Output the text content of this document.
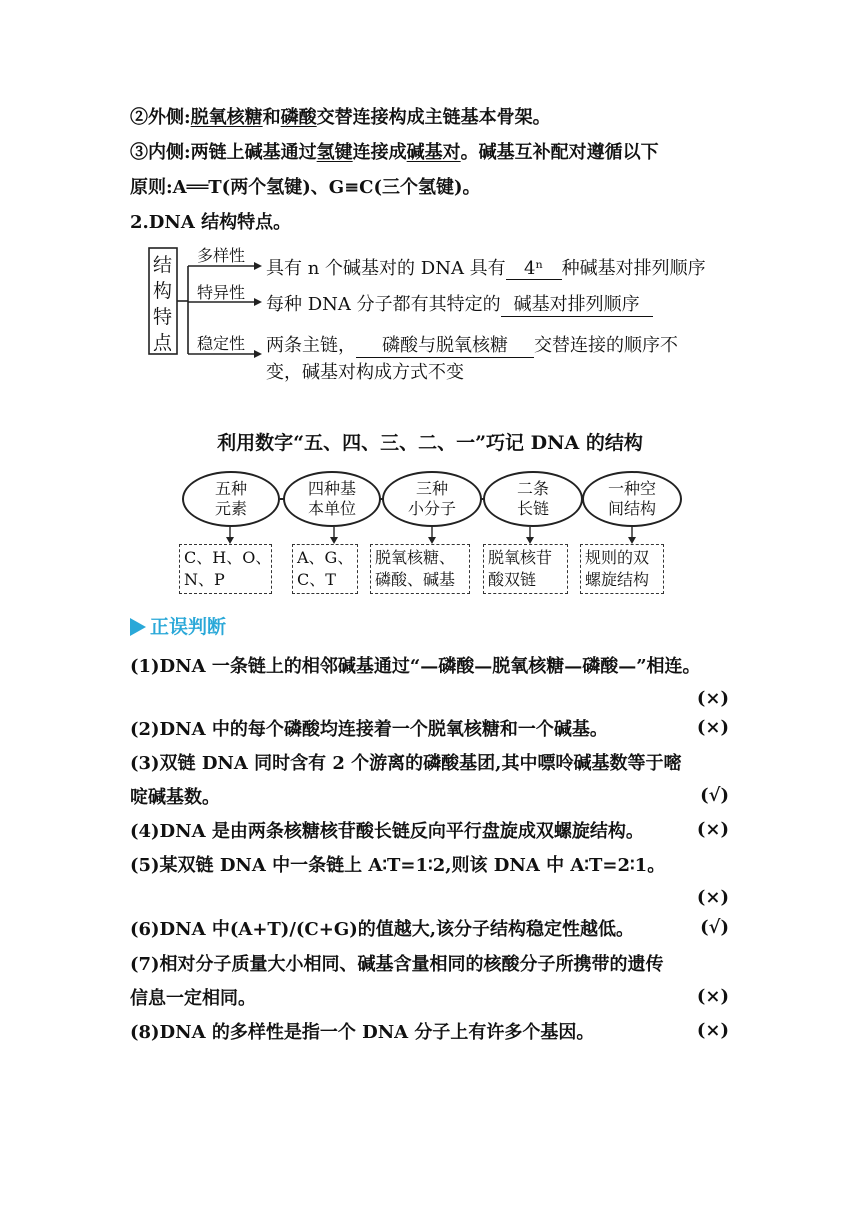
②外侧:脱氧核糖和磷酸交替连接构成主链基本骨架。
③内侧:两链上碱基通过氢键连接成碱基对。碱基互补配对遵循以下
原则:A══T(两个氢键)、G≡C(三个氢键)。
2.DNA 结构特点。
结
构
特
点
多样性
特异性
稳定性
具有 n 个碱基对的 DNA 具有 4ⁿ 种碱基对排列顺序
每种 DNA 分子都有其特定的 碱基对排列顺序
两条主链， 磷酸与脱氧核糖 交替连接的顺序不
变，碱基对构成方式不变
利用数字“五、四、三、二、一”巧记 DNA 的结构
五种
元素
四种基
本单位
三种
小分子
二条
长链
一种空
间结构
C、H、O、
N、P
A、G、
C、T
脱氧核糖、
磷酸、碱基
脱氧核苷
酸双链
规则的双
螺旋结构
正误判断
(1)DNA 一条链上的相邻碱基通过“—磷酸—脱氧核糖—磷酸—”相连。
(×)
(2)DNA 中的每个磷酸均连接着一个脱氧核糖和一个碱基。	(×)
(3)双链 DNA 同时含有 2 个游离的磷酸基团,其中嘌呤碱基数等于嘧
啶碱基数。	(√)
(4)DNA 是由两条核糖核苷酸长链反向平行盘旋成双螺旋结构。	(×)
(5)某双链 DNA 中一条链上 A∶T=1∶2,则该 DNA 中 A∶T=2∶1。
(×)
(6)DNA 中(A+T)/(C+G)的值越大,该分子结构稳定性越低。	(√)
(7)相对分子质量大小相同、碱基含量相同的核酸分子所携带的遗传
信息一定相同。	(×)
(8)DNA 的多样性是指一个 DNA 分子上有许多个基因。	(×)
